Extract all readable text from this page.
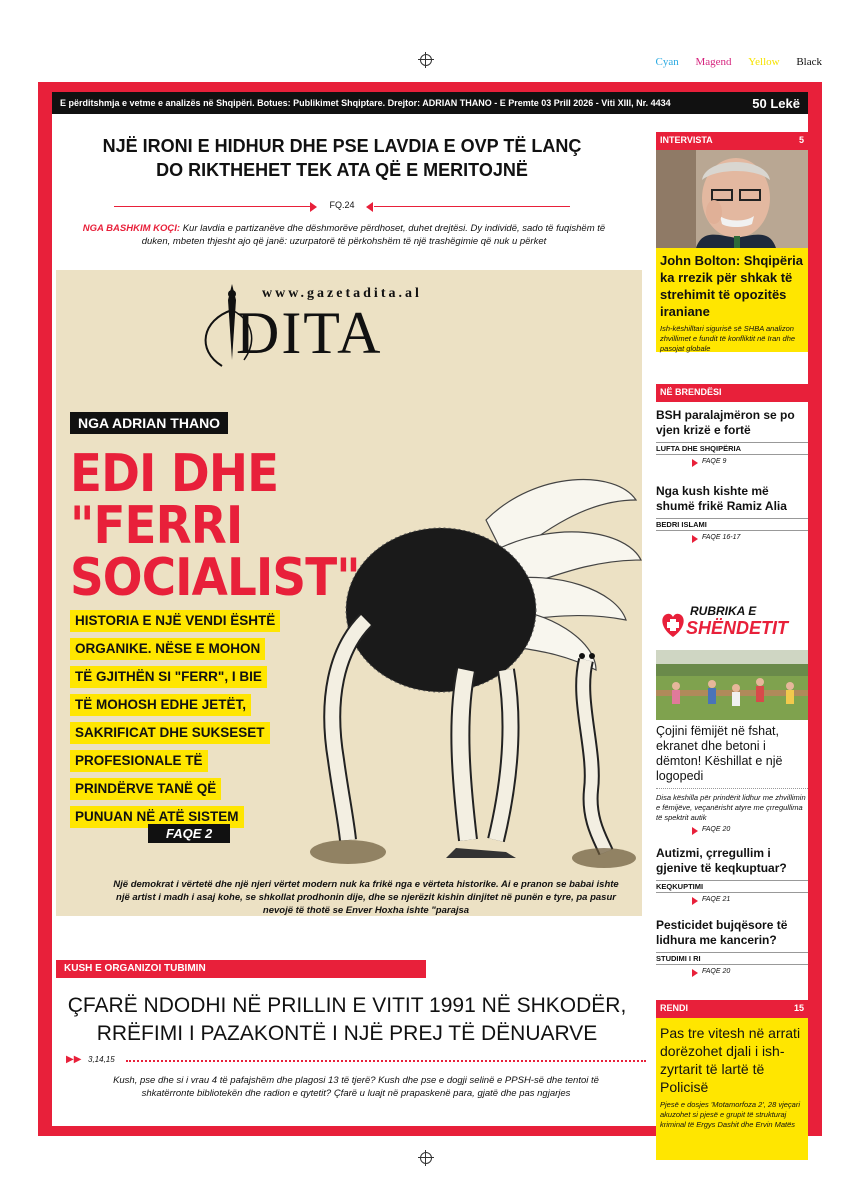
Cyan Magend Yellow Black
E përditshmja e vetme e analizës në Shqipëri. Botues: Publikimet Shqiptare. Drejtor: ADRIAN THANO - E Premte 03 Prill 2026 - Viti XIII, Nr. 4434	50 Lekë
NJË IRONI E HIDHUR DHE PSE LAVDIA E OVP TË LANÇ
DO RIKTHEHET TEK ATA QË E MERITOJNË
FQ.24
NGA BASHKIM KOÇI: Kur lavdia e partizanëve dhe dëshmorëve përdhoset, duhet drejtësi. Dy individë, sado të fuqishëm të duken, mbeten thjesht ajo që janë: uzurpatorë të përkohshëm të një trashëgimie që nuk u përket
www.gazetadita.al
DITA
NGA ADRIAN THANO
EDI DHE "FERRI
SOCIALIST"
HISTORIA E NJË VENDI ËSHTË ORGANIKE. NËSE E MOHON TË GJITHËN SI "FERR", I BIE TË MOHOSH EDHE JETËT, SAKRIFICAT DHE SUKSESET PROFESIONALE TË PRINDËRVE TANË QË PUNUAN NË ATË SISTEM
FAQE 2
Një demokrat i vërtetë dhe një njeri vërtet modern nuk ka frikë nga e vërteta historike. Ai e pranon se babai ishte një artist i madh i asaj kohe, se shkollat prodhonin dije, dhe se njerëzit kishin dinjitet në punën e tyre, pa pasur nevojë të thotë se Enver Hoxha ishte "parajsa
KUSH E ORGANIZOI TUBIMIN
ÇFARË NDODHI NË PRILLIN E VITIT 1991 NË SHKODËR,
RRËFIMI I PAZAKONTË I NJË PREJ TË DËNUARVE
▶▶ 3,14,15
Kush, pse dhe si i vrau 4 të pafajshëm dhe plagosi 13 të tjerë? Kush dhe pse e dogji selinë e PPSH-së dhe tentoi të shkatërronte bibliotekën dhe radion e qytetit? Çfarë u luajt në prapaskenë para, gjatë dhe pas ngjarjes
INTERVISTA	5
John Bolton: Shqipëria ka rrezik për shkak të strehimit të opozitës iraniane
Ish-këshilltari sigurisë së SHBA analizon zhvillimet e fundit të konfliktit në Iran dhe pasojat globale
NË BRENDËSI
BSH paralajmëron se po vjen krizë e fortë
LUFTA DHE SHQIPËRIA
FAQE 9
Nga kush kishte më shumë frikë Ramiz Alia
BEDRI ISLAMI
FAQE 16-17
RUBRIKA E
SHËNDETIT
Çojini fëmijët në fshat, ekranet dhe betoni i dëmton! Këshillat e një logopedi
Disa këshilla për prindërit lidhur me zhvillimin e fëmijëve, veçanërisht atyre me çrregullima të spektrit autik
FAQE 20
Autizmi, çrregullim i gjenive të keqkuptuar?
KEQKUPTIMI
FAQE 21
Pesticidet bujqësore të lidhura me kancerin?
STUDIMI I RI
FAQE 20
RENDI	15
Pas tre vitesh në arrati dorëzohet djali i ish-zyrtarit të lartë të Policisë
Pjesë e dosjes 'Motamorfoza 2', 28 vjeçari akuzohet si pjesë e grupit të strukturaj kriminal të Ergys Dashit dhe Ervin Matës
